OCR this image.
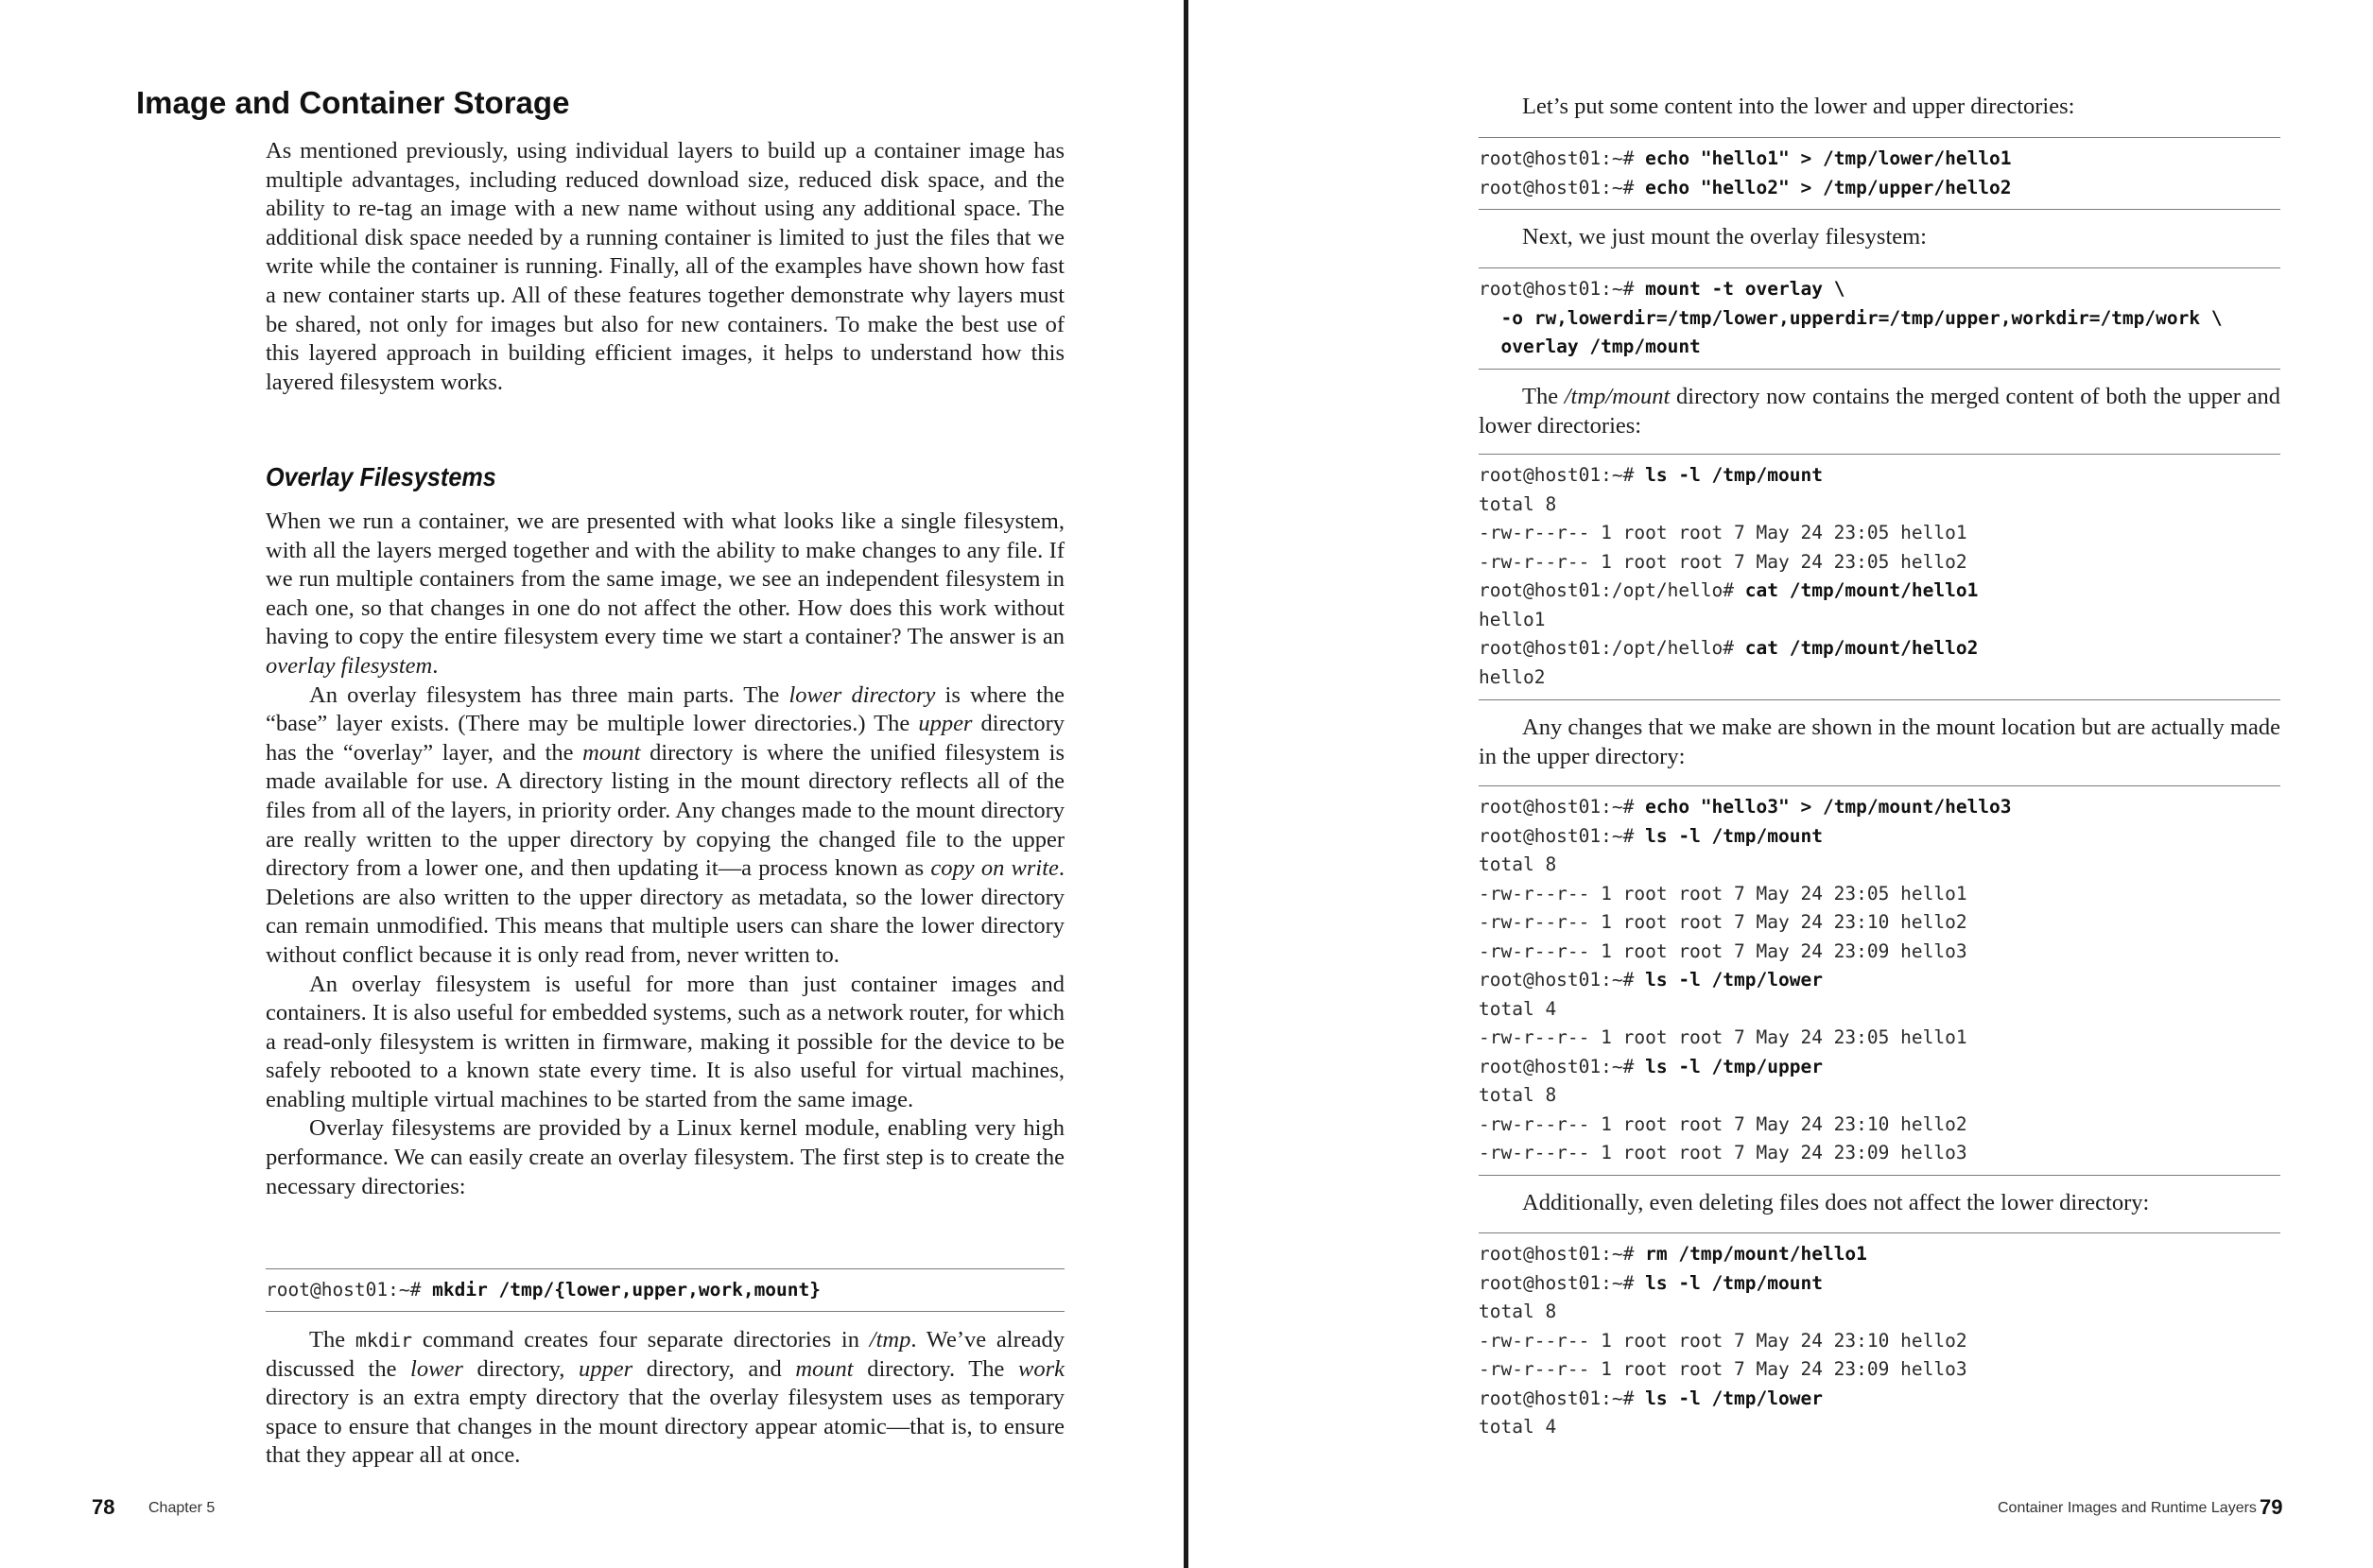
Image and Container Storage

As mentioned previously, using individual layers to build up a container image has multiple advantages, including reduced download size, reduced disk space, and the ability to re-tag an image with a new name without using any additional space. The additional disk space needed by a running container is limited to just the files that we write while the container is running. Finally, all of the examples have shown how fast a new container starts up. All of these features together demonstrate why layers must be shared, not only for images but also for new containers. To make the best use of this layered approach in building efficient images, it helps to understand how this layered filesystem works.

Overlay Filesystems

When we run a container, we are presented with what looks like a single filesystem, with all the layers merged together and with the ability to make changes to any file. If we run multiple containers from the same image, we see an independent filesystem in each one, so that changes in one do not affect the other. How does this work without having to copy the entire filesystem every time we start a container? The answer is an overlay filesystem.

An overlay filesystem has three main parts. The lower directory is where the “base” layer exists. (There may be multiple lower directories.) The upper directory has the “overlay” layer, and the mount directory is where the unified filesystem is made available for use. A directory listing in the mount directory reflects all of the files from all of the layers, in priority order. Any changes made to the mount directory are really written to the upper directory by copying the changed file to the upper directory from a lower one, and then updating it—a process known as copy on write. Deletions are also written to the upper directory as metadata, so the lower directory can remain unmodified. This means that multiple users can share the lower directory without conflict because it is only read from, never written to.

An overlay filesystem is useful for more than just container images and containers. It is also useful for embedded systems, such as a network router, for which a read-only filesystem is written in firmware, making it possible for the device to be safely rebooted to a known state every time. It is also useful for virtual machines, enabling multiple virtual machines to be started from the same image.

Overlay filesystems are provided by a Linux kernel module, enabling very high performance. We can easily create an overlay filesystem. The first step is to create the necessary directories:

root@host01:~# mkdir /tmp/{lower,upper,work,mount}

The mkdir command creates four separate directories in /tmp. We’ve already discussed the lower directory, upper directory, and mount directory. The work directory is an extra empty directory that the overlay filesystem uses as temporary space to ensure that changes in the mount directory appear atomic—that is, to ensure that they appear all at once.

78 Chapter 5

Let’s put some content into the lower and upper directories:

root@host01:~# echo "hello1" > /tmp/lower/hello1
root@host01:~# echo "hello2" > /tmp/upper/hello2

Next, we just mount the overlay filesystem:

root@host01:~# mount -t overlay \
-o rw,lowerdir=/tmp/lower,upperdir=/tmp/upper,workdir=/tmp/work \
overlay /tmp/mount

The /tmp/mount directory now contains the merged content of both the upper and lower directories:

root@host01:~# ls -l /tmp/mount
total 8
-rw-r--r-- 1 root root 7 May 24 23:05 hello1
-rw-r--r-- 1 root root 7 May 24 23:05 hello2
root@host01:/opt/hello# cat /tmp/mount/hello1
hello1
root@host01:/opt/hello# cat /tmp/mount/hello2
hello2

Any changes that we make are shown in the mount location but are actually made in the upper directory:

root@host01:~# echo "hello3" > /tmp/mount/hello3
root@host01:~# ls -l /tmp/mount
total 8
-rw-r--r-- 1 root root 7 May 24 23:05 hello1
-rw-r--r-- 1 root root 7 May 24 23:10 hello2
-rw-r--r-- 1 root root 7 May 24 23:09 hello3
root@host01:~# ls -l /tmp/lower
total 4
-rw-r--r-- 1 root root 7 May 24 23:05 hello1
root@host01:~# ls -l /tmp/upper
total 8
-rw-r--r-- 1 root root 7 May 24 23:10 hello2
-rw-r--r-- 1 root root 7 May 24 23:09 hello3

Additionally, even deleting files does not affect the lower directory:

root@host01:~# rm /tmp/mount/hello1
root@host01:~# ls -l /tmp/mount
total 8
-rw-r--r-- 1 root root 7 May 24 23:10 hello2
-rw-r--r-- 1 root root 7 May 24 23:09 hello3
root@host01:~# ls -l /tmp/lower
total 4
Container Images and Runtime Layers 79
